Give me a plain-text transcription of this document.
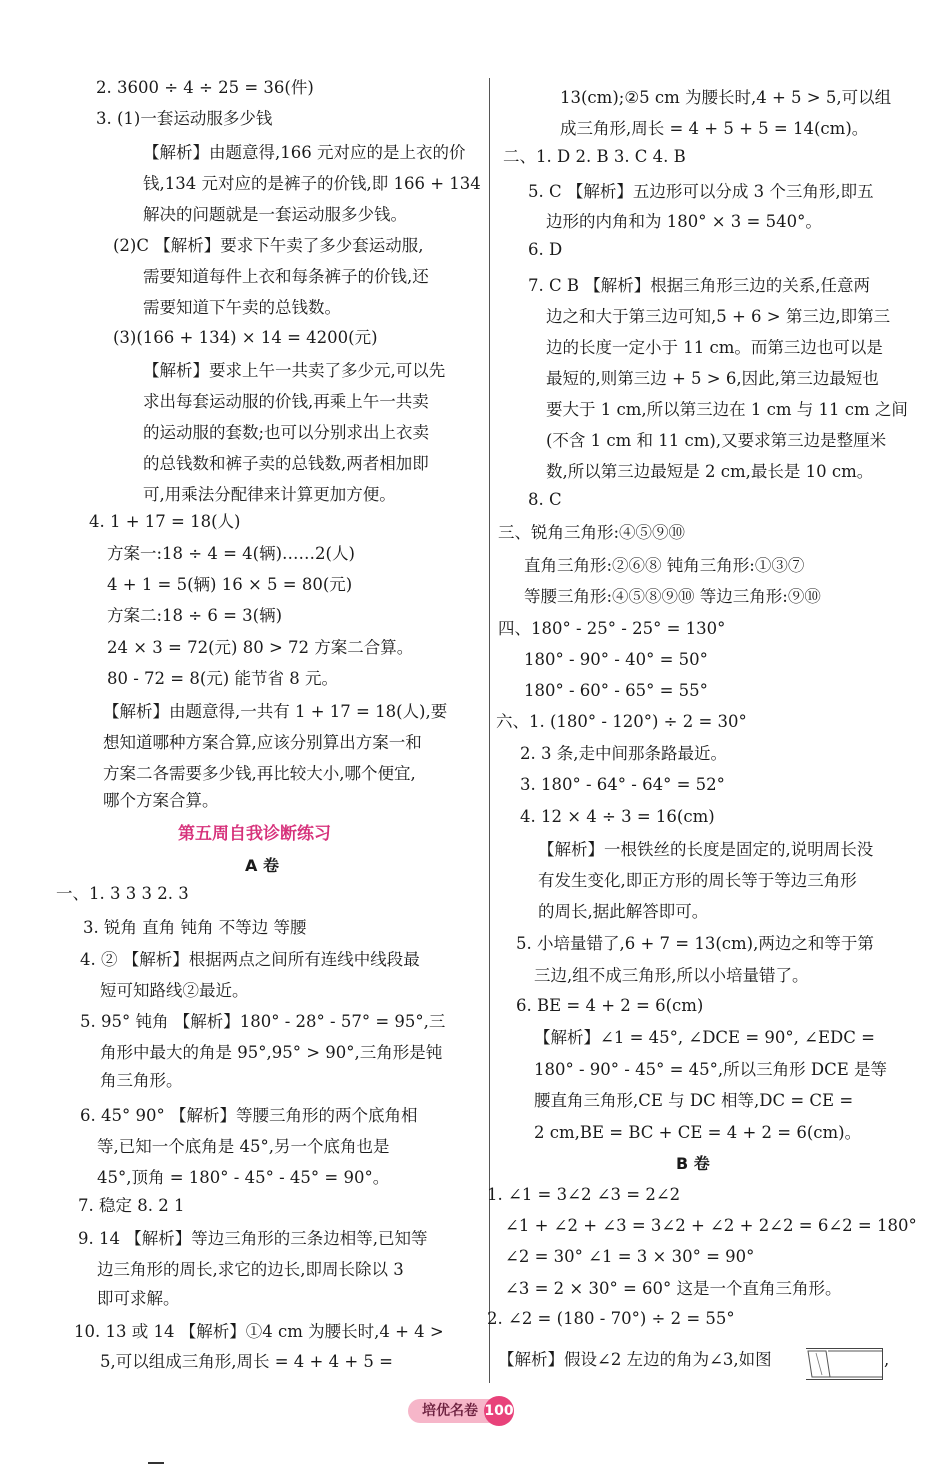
2. 3600 ÷ 4 ÷ 25 = 36(件)
3. (1)一套运动服多少钱
【解析】由题意得,166 元对应的是上衣的价
钱,134 元对应的是裤子的价钱,即 166 + 134
解决的问题就是一套运动服多少钱。
(2)C 【解析】要求下午卖了多少套运动服,
需要知道每件上衣和每条裤子的价钱,还
需要知道下午卖的总钱数。
(3)(166 + 134) × 14 = 4200(元)
【解析】要求上午一共卖了多少元,可以先
求出每套运动服的价钱,再乘上午一共卖
的运动服的套数;也可以分别求出上衣卖
的总钱数和裤子卖的总钱数,两者相加即
可,用乘法分配律来计算更加方便。
4. 1 + 17 = 18(人)
方案一:18 ÷ 4 = 4(辆)……2(人)
4 + 1 = 5(辆) 16 × 5 = 80(元)
方案二:18 ÷ 6 = 3(辆)
24 × 3 = 72(元) 80 > 72 方案二合算。
80 - 72 = 8(元) 能节省 8 元。
【解析】由题意得,一共有 1 + 17 = 18(人),要
想知道哪种方案合算,应该分别算出方案一和
方案二各需要多少钱,再比较大小,哪个便宜,
哪个方案合算。
A 卷
一、1. 3 3 3 2. 3
3. 锐角 直角 钝角 不等边 等腰
4. ② 【解析】根据两点之间所有连线中线段最
短可知路线②最近。
5. 95° 钝角 【解析】180° - 28° - 57° = 95°,三
角形中最大的角是 95°,95° > 90°,三角形是钝
角三角形。
6. 45° 90° 【解析】等腰三角形的两个底角相
等,已知一个底角是 45°,另一个底角也是
45°,顶角 = 180° - 45° - 45° = 90°。
7. 稳定 8. 2 1
9. 14 【解析】等边三角形的三条边相等,已知等
边三角形的周长,求它的边长,即周长除以 3
即可求解。
10. 13 或 14 【解析】①4 cm 为腰长时,4 + 4 >
5,可以组成三角形,周长 = 4 + 4 + 5 =
13(cm);②5 cm 为腰长时,4 + 5 > 5,可以组
成三角形,周长 = 4 + 5 + 5 = 14(cm)。
二、1. D 2. B 3. C 4. B
5. C 【解析】五边形可以分成 3 个三角形,即五
边形的内角和为 180° × 3 = 540°。
6. D
7. C B 【解析】根据三角形三边的关系,任意两
边之和大于第三边可知,5 + 6 > 第三边,即第三
边的长度一定小于 11 cm。而第三边也可以是
最短的,则第三边 + 5 > 6,因此,第三边最短也
要大于 1 cm,所以第三边在 1 cm 与 11 cm 之间
(不含 1 cm 和 11 cm),又要求第三边是整厘米
数,所以第三边最短是 2 cm,最长是 10 cm。
8. C
三、锐角三角形:④⑤⑨⑩
直角三角形:②⑥⑧ 钝角三角形:①③⑦
等腰三角形:④⑤⑧⑨⑩ 等边三角形:⑨⑩
四、180° - 25° - 25° = 130°
180° - 90° - 40° = 50°
180° - 60° - 65° = 55°
六、1. (180° - 120°) ÷ 2 = 30°
2. 3 条,走中间那条路最近。
3. 180° - 64° - 64° = 52°
4. 12 × 4 ÷ 3 = 16(cm)
【解析】一根铁丝的长度是固定的,说明周长没
有发生变化,即正方形的周长等于等边三角形
的周长,据此解答即可。
5. 小培量错了,6 + 7 = 13(cm),两边之和等于第
三边,组不成三角形,所以小培量错了。
6. BE = 4 + 2 = 6(cm)
【解析】∠1 = 45°, ∠DCE = 90°, ∠EDC =
180° - 90° - 45° = 45°,所以三角形 DCE 是等
腰直角三角形,CE 与 DC 相等,DC = CE =
2 cm,BE = BC + CE = 4 + 2 = 6(cm)。
B 卷
1. ∠1 = 3∠2 ∠3 = 2∠2
∠1 + ∠2 + ∠3 = 3∠2 + ∠2 + 2∠2 = 6∠2 = 180°
∠2 = 30° ∠1 = 3 × 30° = 90°
∠3 = 2 × 30° = 60° 这是一个直角三角形。
2. ∠2 = (180 - 70°) ÷ 2 = 55°
【解析】假设∠2 左边的角为∠3,如图	,
第五周自我诊断练习
培优名卷 100
